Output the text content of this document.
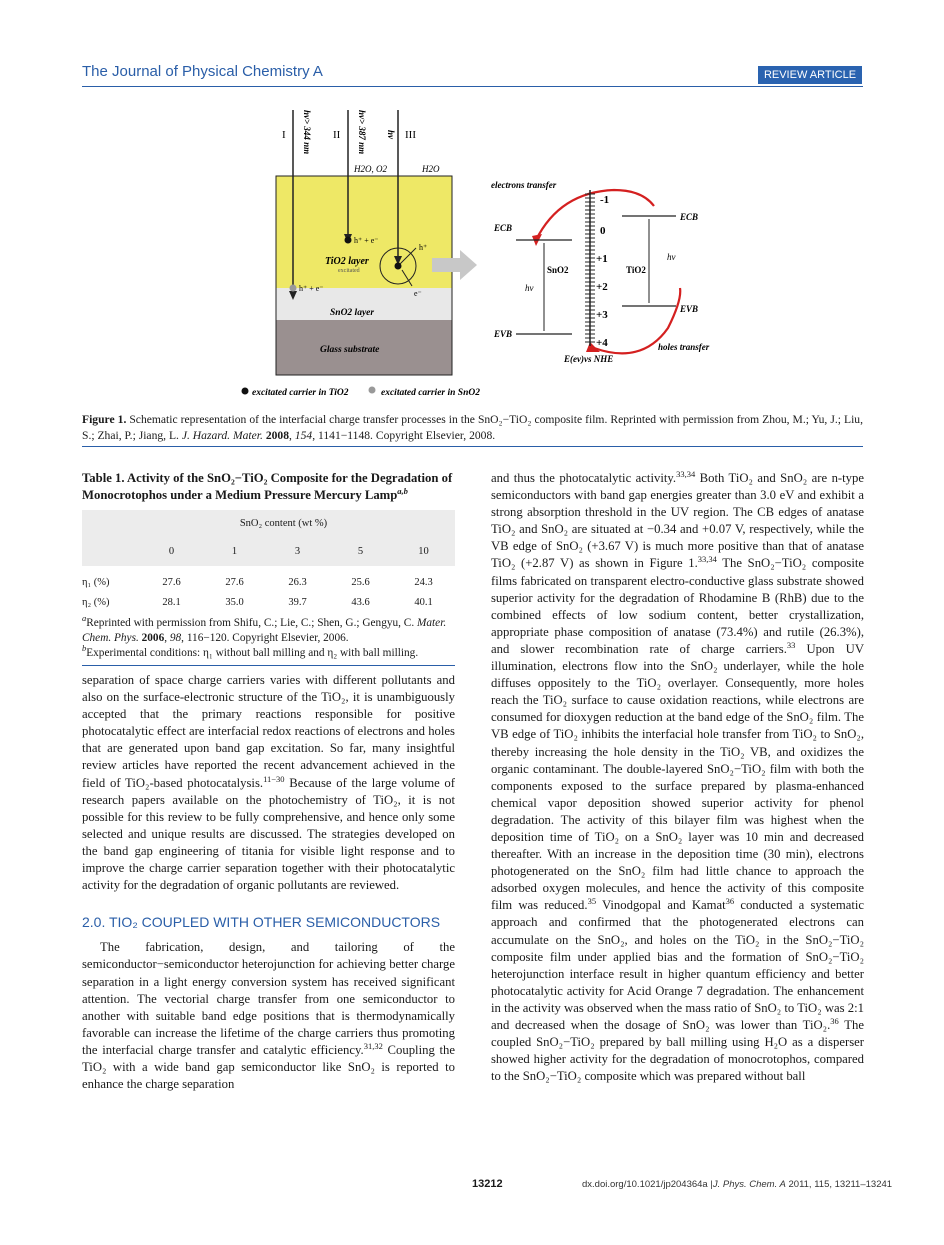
The Journal of Physical Chemistry A	REVIEW ARTICLE
I	II	III
hv> 344 nm	hv> 387 nm hv
H2O, O2	H2O
h⁺ + e⁻
h⁺ + e⁻
h⁺
e⁻
TiO2 layer
excitated
SnO2 layer
Glass substrate
excitated carrier in TiO2	excitated carrier in SnO2
electrons transfer
holes transfer
-1
0
+1
+2
+3
+4
E(ev)vs NHE
ECB
EVB
SnO2
hv
ECB
EVB
TiO2
hv
Figure 1. Schematic representation of the interfacial charge transfer processes in the SnO₂−TiO₂ composite film. Reprinted with permission from Zhou, M.; Yu, J.; Liu, S.; Zhai, P.; Jiang, L. J. Hazard. Mater. 2008, 154, 1141−1148. Copyright Elsevier, 2008.
Table 1. Activity of the SnO₂−TiO₂ Composite for the Degradation of Monocrotophos under a Medium Pressure Mercury Lamp$^{a,b}$
SnO₂ content (wt %)					
	0	1	3	5	10
η₁ (%)	27.6	27.6	26.3	25.6	24.3
η₂ (%)	28.1	35.0	39.7	43.6	40.1
$^a$Reprinted with permission from Shifu, C.; Lie, C.; Shen, G.; Gengyu, C. Mater. Chem. Phys. 2006, 98, 116−120. Copyright Elsevier, 2006.
$^b$Experimental conditions: η₁ without ball milling and η₂ with ball milling.

separation of space charge carriers varies with different pollutants and also on the surface-electronic structure of the TiO₂, it is unambiguously accepted that the primary reactions responsible for positive photocatalytic effect are interfacial redox reactions of electrons and holes that are generated upon band gap excitation. So far, many insightful review articles have reported the recent advancement achieved in the field of TiO₂-based photocatalysis.$^{11-30}$ Because of the large volume of research papers available on the photochemistry of TiO₂, it is not possible for this review to be fully comprehensive, and hence only some selected and unique results are discussed. The strategies developed on the band gap engineering of titania for visible light response and to improve the charge carrier separation together with their photocatalytic activity for the degradation of organic pollutants are reviewed.

2.0. TIO₂ COUPLED WITH OTHER SEMICONDUCTORS

The fabrication, design, and tailoring of the semiconductor−semiconductor heterojunction for achieving better charge separation in a light energy conversion system has received significant attention. The vectorial charge transfer from one semiconductor to another with suitable band edge positions that is thermodynamically favorable can increase the lifetime of the charge carriers thus promoting the interfacial charge transfer and catalytic efficiency.$^{31,32}$ Coupling the TiO₂ with a wide band gap semiconductor like SnO₂ is reported to enhance the charge separation

and thus the photocatalytic activity.$^{33,34}$ Both TiO₂ and SnO₂ are n-type semiconductors with band gap energies greater than 3.0 eV and exhibit a strong absorption threshold in the UV region. The CB edges of anatase TiO₂ and SnO₂ are situated at −0.34 and +0.07 V, respectively, while the VB edge of SnO₂ (+3.67 V) is much more positive than that of anatase TiO₂ (+2.87 V) as shown in Figure 1.$^{33,34}$ The SnO₂−TiO₂ composite films fabricated on transparent electro-conductive glass substrate showed superior activity for the degradation of Rhodamine B (RhB) due to the combined effects of low sodium content, better crystallization, appropriate phase composition of anatase (73.4%) and rutile (26.3%), and slower recombination rate of charge carriers.$^{33}$ Upon UV illumination, electrons flow into the SnO₂ underlayer, while the hole diffuses oppositely to the TiO₂ overlayer. Consequently, more holes reach the TiO₂ surface to cause oxidation reactions, while electrons are consumed for dioxygen reduction at the band edge of the SnO₂ film. The VB edge of TiO₂ inhibits the interfacial hole transfer from TiO₂ to SnO₂, thereby increasing the hole density in the TiO₂ VB, and oxidizes the organic contaminant. The double-layered SnO₂−TiO₂ film with both the components exposed to the surface prepared by plasma-enhanced chemical vapor deposition showed superior activity for phenol degradation. The activity of this bilayer film was highest when the deposition time of TiO₂ on a SnO₂ layer was 10 min and decreased thereafter. With an increase in the deposition time (30 min), electrons photogenerated on the SnO₂ film had little chance to approach the adsorbed oxygen molecules, and hence the activity of this composite film was reduced.$^{35}$ Vinodgopal and Kamat$^{36}$ conducted a systematic approach and confirmed that the photogenerated electrons can accumulate on the SnO₂, and holes on the TiO₂ in the SnO₂−TiO₂ composite film under applied bias and the formation of SnO₂−TiO₂ heterojunction interface result in higher quantum efficiency and better photocatalytic activity for Acid Orange 7 degradation. The enhancement in the activity was observed when the mass ratio of SnO₂ to TiO₂ was 2:1 and decreased when the dosage of SnO₂ was lower than TiO₂.$^{36}$ The coupled SnO₂−TiO₂ prepared by ball milling using H₂O as a disperser showed higher activity for the degradation of monocrotophos, compared to the SnO₂−TiO₂ composite which was prepared without ball

13212	dx.doi.org/10.1021/jp204364a |J. Phys. Chem. A 2011, 115, 13211–13241
